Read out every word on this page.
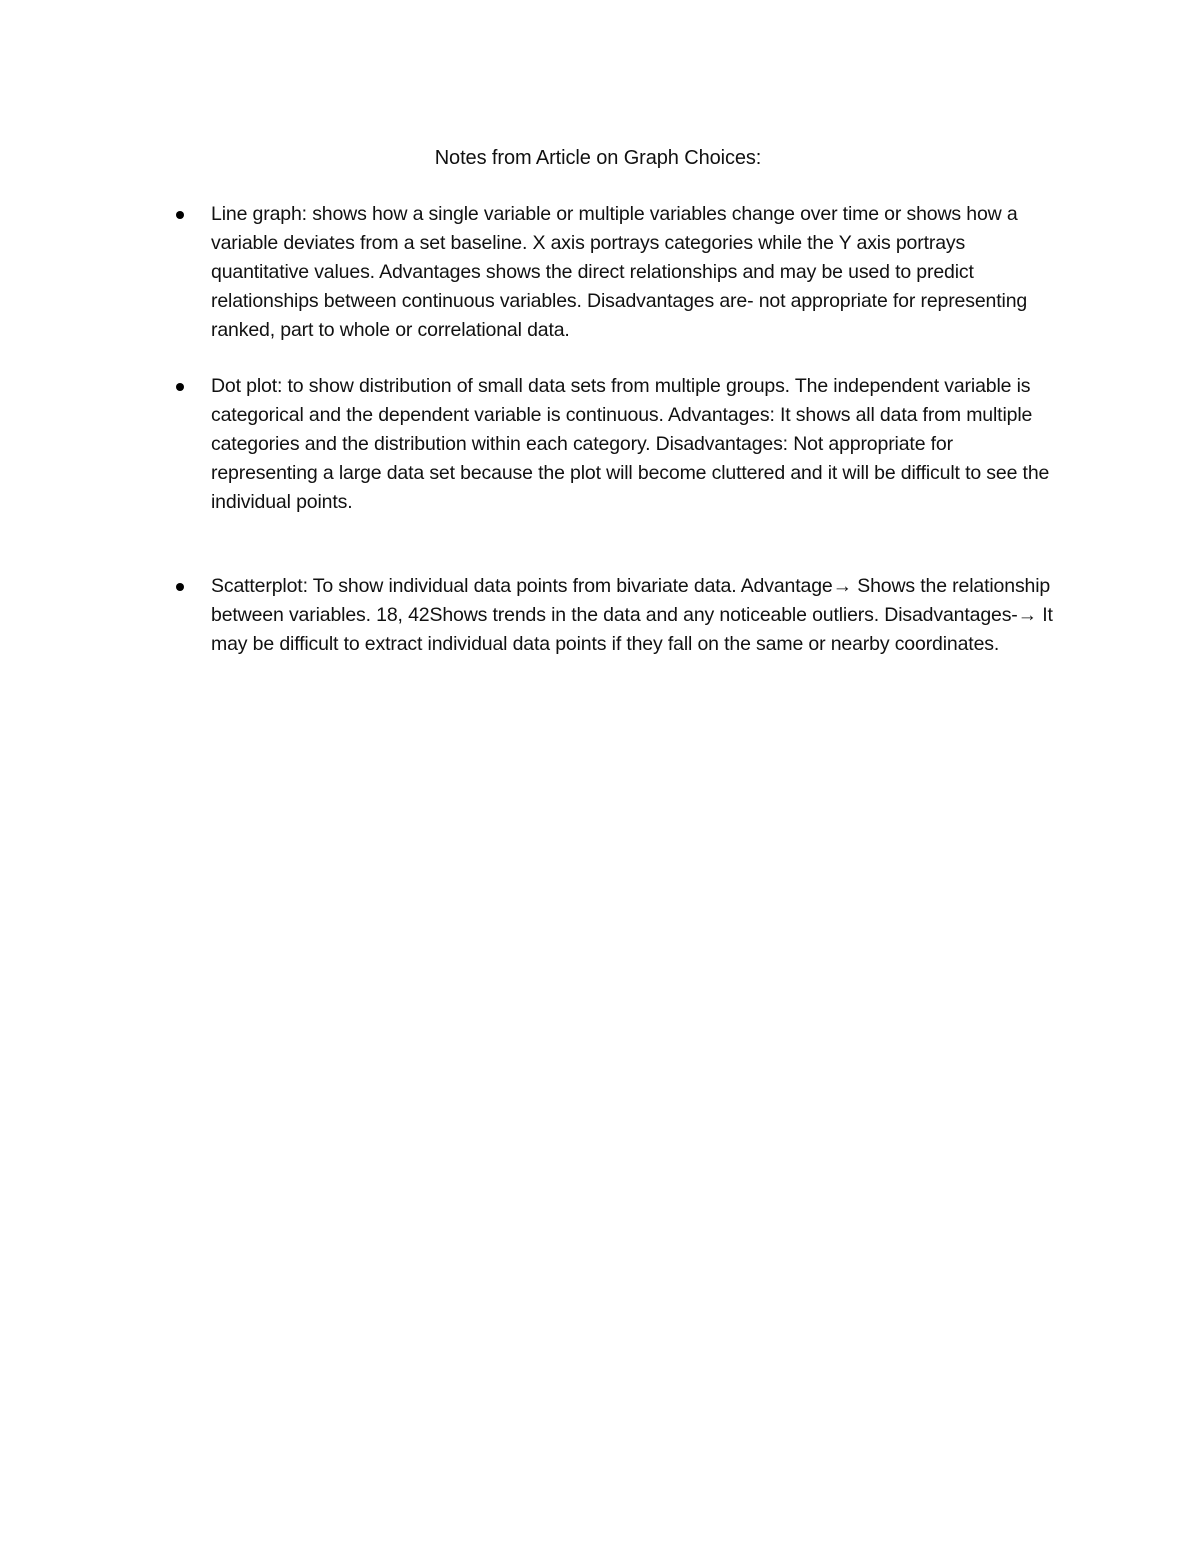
Notes from Article on Graph Choices:

Line graph: shows how a single variable or multiple variables change over time or shows how a variable deviates from a set baseline. X axis portrays categories while the Y axis portrays quantitative values. Advantages shows the direct relationships and may be used to predict relationships between continuous variables. Disadvantages are- not appropriate for representing ranked, part to whole or correlational data.

Dot plot: to show distribution of small data sets from multiple groups. The independent variable is categorical and the dependent variable is continuous. Advantages: It shows all data from multiple categories and the distribution within each category. Disadvantages: Not appropriate for representing a large data set because the plot will become cluttered and it will be difficult to see the individual points.

Scatterplot: To show individual data points from bivariate data. Advantage→ Shows the relationship between variables. 18, 42Shows trends in the data and any noticeable outliers. Disadvantages-→ It may be difficult to extract individual data points if they fall on the same or nearby coordinates.
